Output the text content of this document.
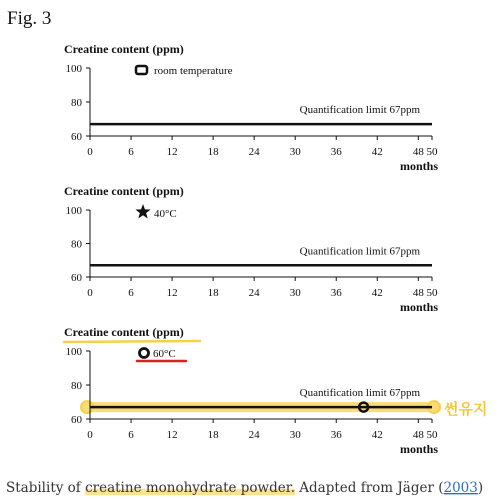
Fig. 3
Creatine content (ppm)
60
80
100
0	6	12	18	24	30	36	42	48 50
months
Quantification limit 67ppm
room temperature
Creatine content (ppm)
60
80
100
0	6	12	18	24	30	36	42	48 50
months
Quantification limit 67ppm
40°C
Creatine content (ppm)
60
80
100
0	6	12	18	24	30	36	42	48 50
months
Quantification limit 67ppm
60°C
썬유지
Stability of creatine monohydrate powder. Adapted from Jäger (2003)
